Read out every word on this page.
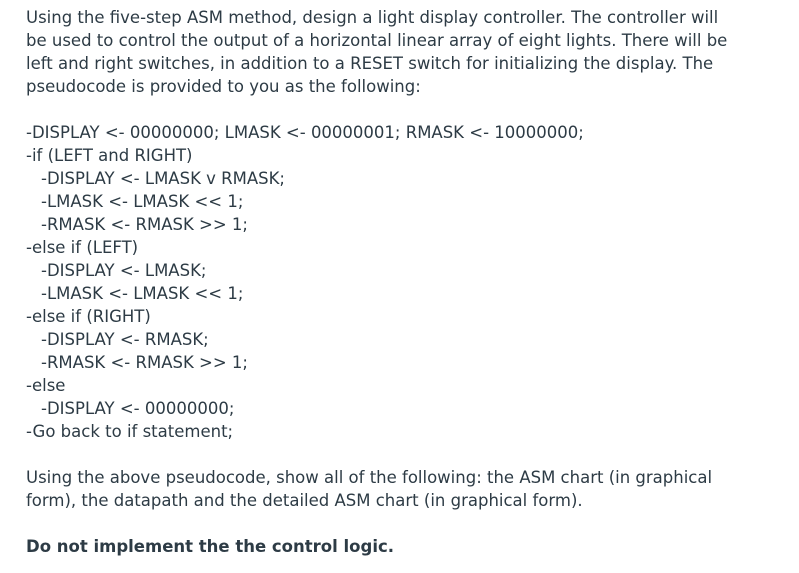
Using the five-step ASM method, design a light display controller. The controller will

be used to control the output of a horizontal linear array of eight lights. There will be

left and right switches, in addition to a RESET switch for initializing the display. The

pseudocode is provided to you as the following:

-DISPLAY <- 00000000; LMASK <- 00000001; RMASK <- 10000000;
-if (LEFT and RIGHT)
-DISPLAY <- LMASK v RMASK;
-LMASK <- LMASK << 1;
-RMASK <- RMASK >> 1;
-else if (LEFT)
-DISPLAY <- LMASK;
-LMASK <- LMASK << 1;
-else if (RIGHT)
-DISPLAY <- RMASK;
-RMASK <- RMASK >> 1;
-else
-DISPLAY <- 00000000;
-Go back to if statement;
Using the above pseudocode, show all of the following: the ASM chart (in graphical
form), the datapath and the detailed ASM chart (in graphical form).
Do not implement the the control logic.
